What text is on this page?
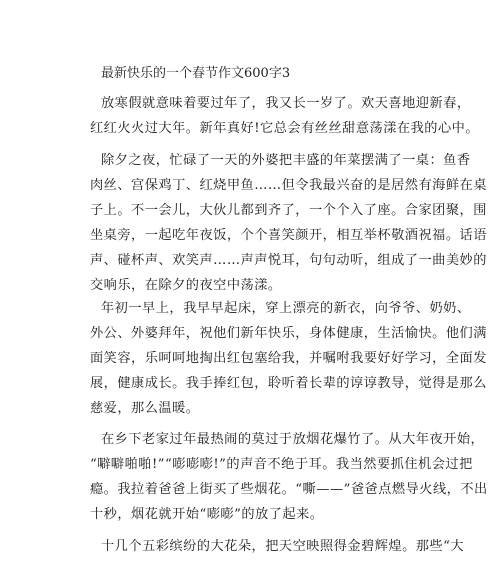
最新快乐的一个春节作文600字3
放寒假就意味着要过年了，我又长一岁了。欢天喜地迎新春，
红红火火过大年。新年真好!它总会有丝丝甜意荡漾在我的心中。
除夕之夜，忙碌了一天的外婆把丰盛的年菜摆满了一桌：鱼香
肉丝、宫保鸡丁、红烧甲鱼……但令我最兴奋的是居然有海鲜在桌
子上。不一会儿，大伙儿都到齐了，一个个入了座。合家团聚，围
坐桌旁，一起吃年夜饭，个个喜笑颜开，相互举杯敬酒祝福。话语
声、碰杯声、欢笑声……声声悦耳，句句动听，组成了一曲美妙的
交响乐，在除夕的夜空中荡漾。
年初一早上，我早早起床，穿上漂亮的新衣，向爷爷、奶奶、
外公、外婆拜年，祝他们新年快乐，身体健康，生活愉快。他们满
面笑容，乐呵呵地掏出红包塞给我，并嘱咐我要好好学习，全面发
展，健康成长。我手捧红包，聆听着长辈的谆谆教导，觉得是那么
慈爱，那么温暖。
在乡下老家过年最热闹的莫过于放烟花爆竹了。从大年夜开始，
“噼噼啪啪!”“嘭嘭嘭!”的声音不绝于耳。我当然要抓住机会过把
瘾。我拉着爸爸上街买了些烟花。“嘶——”爸爸点燃导火线，不出
十秒，烟花就开始“嘭嘭”的放了起来。
十几个五彩缤纷的大花朵，把天空映照得金碧辉煌。那些“大
